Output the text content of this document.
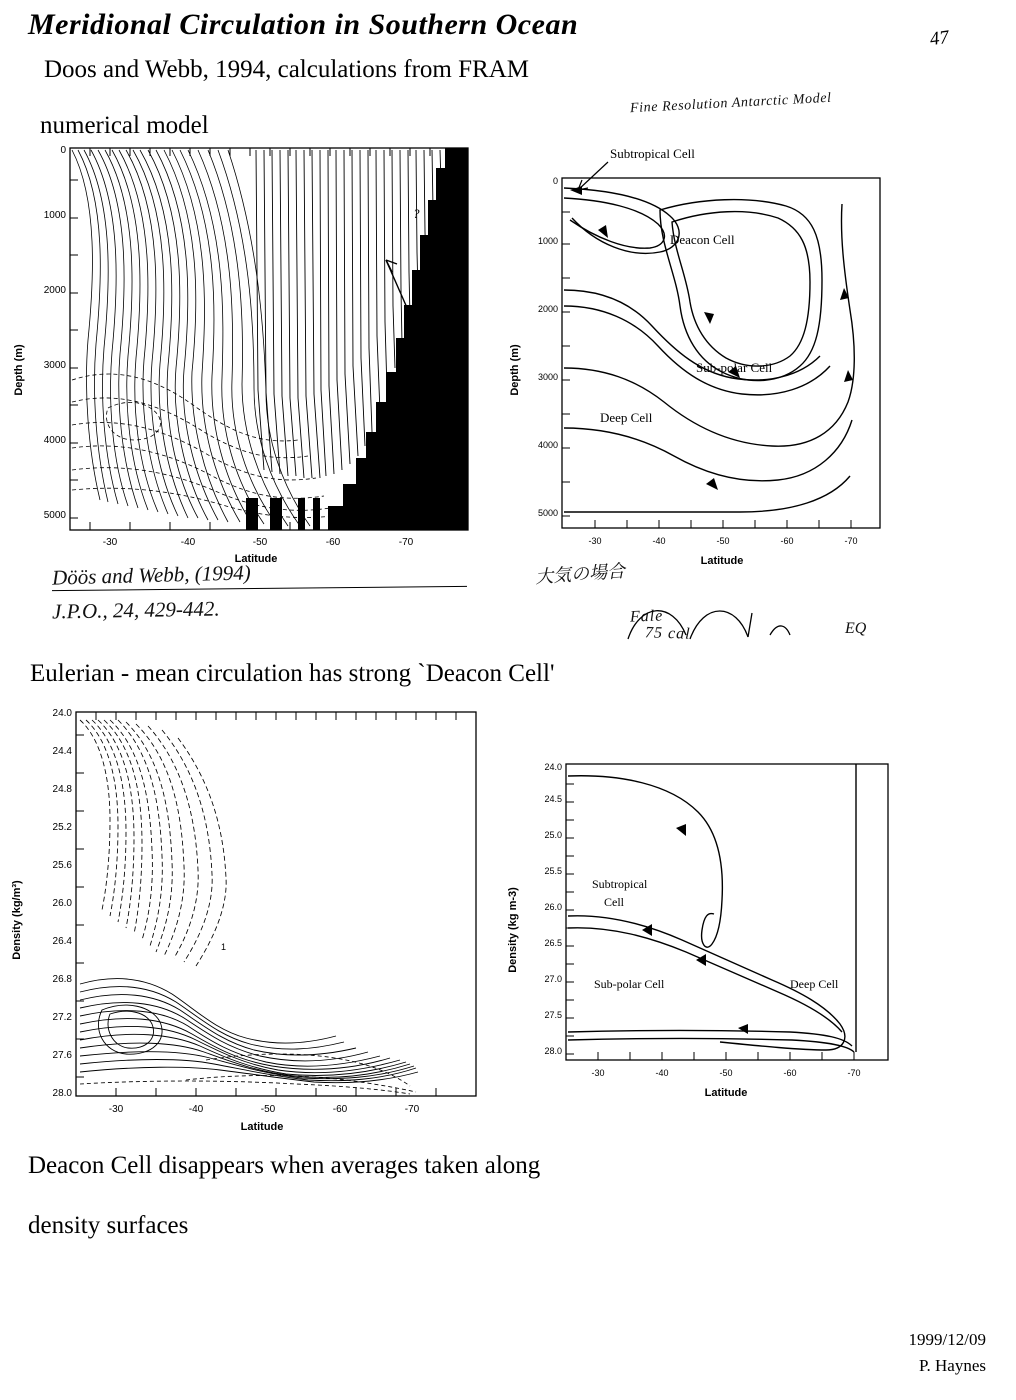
Meridional Circulation in Southern Ocean	47
Doos and Webb, 1994, calculations from FRAM
numerical model
Fine Resolution Antarctic Model
Depth (m)
0
1000
2000
3000
4000
5000
?
-30	-40	-50	-60	-70
Latitude
Depth (m)
0
1000
2000
3000
4000
5000
Subtropical Cell
Deacon Cell
Sub-polar Cell
Deep Cell
-30	-40	-50	-60	-70
Latitude
Döös and Webb, (1994)
J.P.O., 24, 429-442.
大気の場合
Fale
75 cal	EQ
Eulerian - mean circulation has strong `Deacon Cell'
Density (kg/m³)
24.0
24.4
24.8
25.2
25.6
26.0
26.4
26.8
27.2
27.6
28.0
1
-30	-40	-50	-60	-70
Latitude
Density (kg m-3)
24.0
24.5
25.0
25.5
26.0
26.5
27.0
27.5
28.0
Subtropical
Cell
Sub-polar Cell	Deep Cell
-30	-40	-50	-60	-70
Latitude
Deacon Cell disappears when averages taken along
density surfaces
1999/12/09
P. Haynes
